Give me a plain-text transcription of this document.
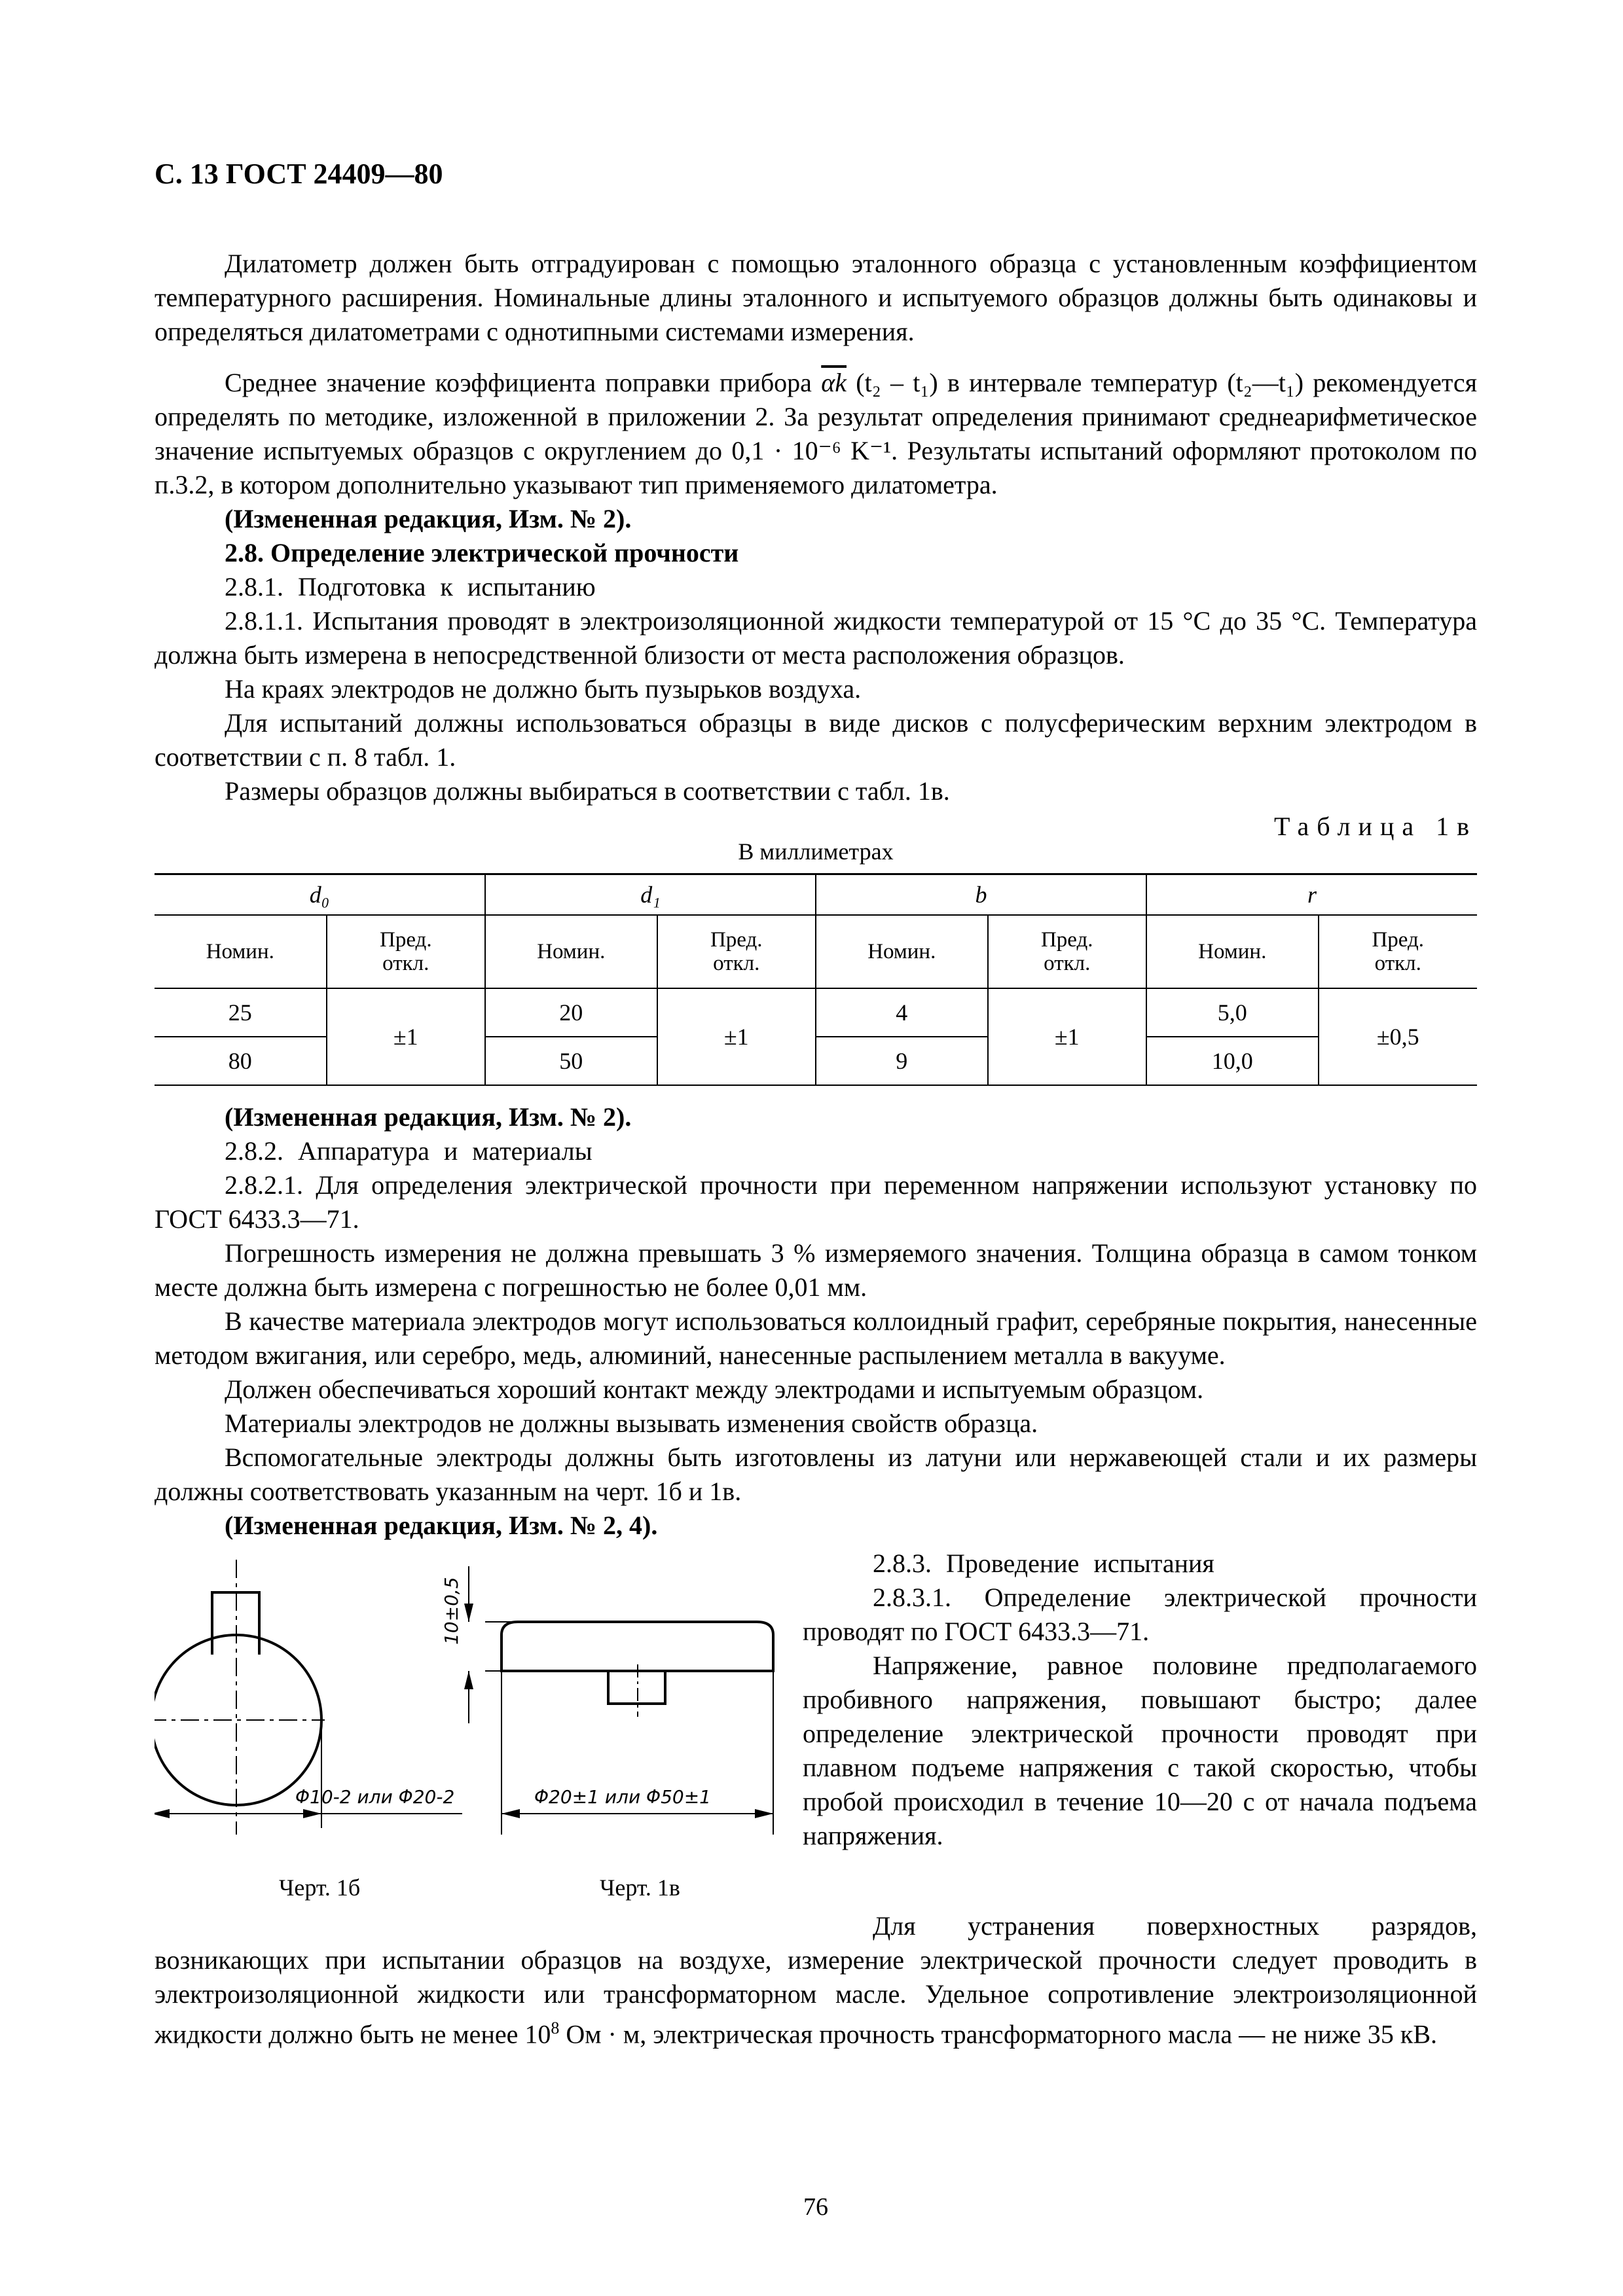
С. 13 ГОСТ 24409—80

Дилатометр должен быть отградуирован с помощью эталонного образца с установленным коэффициентом температурного расширения. Номинальные длины эталонного и испытуемого образцов должны быть одинаковы и определяться дилатометрами с однотипными системами измерения.

Среднее значение коэффициента поправки прибора $\overline{\alpha k}$ (t₂ – t₁) в интервале температур (t₂—t₁) рекомендуется определять по методике, изложенной в приложении 2. За результат определения принимают среднеарифметическое значение испытуемых образцов с округлением до 0,1 · 10⁻⁶ K⁻¹. Результаты испытаний оформляют протоколом по п.3.2, в котором дополнительно указывают тип применяемого дилатометра.

(Измененная редакция, Изм. № 2).

2.8. Определение электрической прочности

2.8.1. Подготовка к испытанию

2.8.1.1. Испытания проводят в электроизоляционной жидкости температурой от 15 °С до 35 °С. Температура должна быть измерена в непосредственной близости от места расположения образцов.

На краях электродов не должно быть пузырьков воздуха.

Для испытаний должны использоваться образцы в виде дисков с полусферическим верхним электродом в соответствии с п. 8 табл. 1.

Размеры образцов должны выбираться в соответствии с табл. 1в.

Таблица 1в
В миллиметрах
d₀		d₁		b		r	
Номин.	Пред. откл.	Номин.	Пред. откл.	Номин.	Пред. откл.	Номин.	Пред. откл.

25	±1	20	±1	4	±1	5,0	±0,5
80		50		9		10,0	

(Измененная редакция, Изм. № 2).

2.8.2. Аппаратура и материалы

2.8.2.1. Для определения электрической прочности при переменном напряжении используют установку по ГОСТ 6433.3—71.

Погрешность измерения не должна превышать 3 % измеряемого значения. Толщина образца в самом тонком месте должна быть измерена с погрешностью не более 0,01 мм.

В качестве материала электродов могут использоваться коллоидный графит, серебряные покрытия, нанесенные методом вжигания, или серебро, медь, алюминий, нанесенные распылением металла в вакууме.

Должен обеспечиваться хороший контакт между электродами и испытуемым образцом.

Материалы электродов не должны вызывать изменения свойств образца.

Вспомогательные электроды должны быть изготовлены из латуни или нержавеющей стали и их размеры должны соответствовать указанным на черт. 1б и 1в.

(Измененная редакция, Изм. № 2, 4).

Φ10-2 или Φ20-2	Φ20±1 или Φ50±1
10±0,5
Черт. 1б	Черт. 1в

2.8.3. Проведение испытания

2.8.3.1. Определение электрической прочности проводят по ГОСТ 6433.3—71.

Напряжение, равное половине предполагаемого пробивного напряжения, повышают быстро; далее определение электрической прочности проводят при плавном подъеме напряжения с такой скоростью, чтобы пробой происходил в течение 10—20 с от начала подъема напряжения.

Для устранения поверхностных разрядов, возникающих при испытании образцов на воздухе, измерение электрической прочности следует проводить в электроизоляционной жидкости или трансформаторном масле. Удельное сопротивление электроизоляционной жидкости должно быть не менее $10^8$ Ом · м, электрическая прочность трансформаторного масла — не ниже 35 кВ.

76
